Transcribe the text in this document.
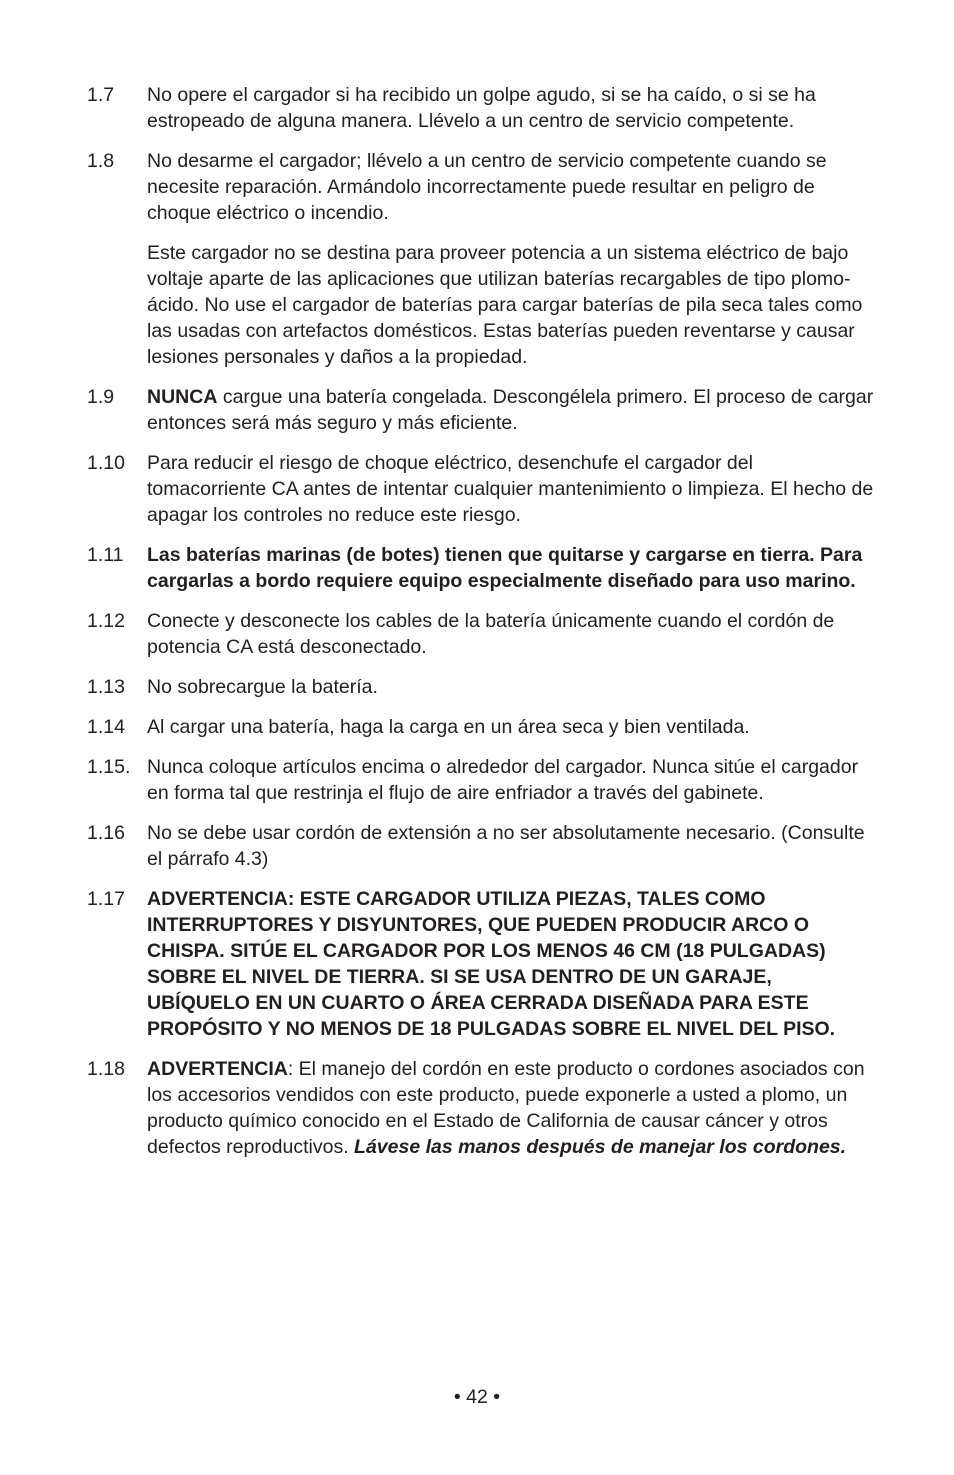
1.7	No opere el cargador si ha recibido un golpe agudo, si se ha caído, o si se ha estropeado de alguna manera. Llévelo a un centro de servicio competente.
1.8	No desarme el cargador; llévelo a un centro de servicio competente cuando se necesite reparación. Armándolo incorrectamente puede resultar en peligro de choque eléctrico o incendio.
Este cargador no se destina para proveer potencia a un sistema eléctrico de bajo voltaje aparte de las aplicaciones que utilizan baterías recargables de tipo plomo-ácido. No use el cargador de baterías para cargar baterías de pila seca tales como las usadas con artefactos domésticos. Estas baterías pueden reventarse y causar lesiones personales y daños a la propiedad.
1.9	NUNCA cargue una batería congelada. Descongélela primero. El proceso de cargar entonces será más seguro y más eficiente.
1.10	Para reducir el riesgo de choque eléctrico, desenchufe el cargador del tomacorriente CA antes de intentar cualquier mantenimiento o limpieza. El hecho de apagar los controles no reduce este riesgo.
1.11	Las baterías marinas (de botes) tienen que quitarse y cargarse en tierra. Para cargarlas a bordo requiere equipo especialmente diseñado para uso marino.
1.12	Conecte y desconecte los cables de la batería únicamente cuando el cordón de potencia CA está desconectado.
1.13	No sobrecargue la batería.
1.14	Al cargar una batería, haga la carga en un área seca y bien ventilada.
1.15. Nunca coloque artículos encima o alrededor del cargador. Nunca sitúe el cargador en forma tal que restrinja el flujo de aire enfriador a través del gabinete.
1.16	No se debe usar cordón de extensión a no ser absolutamente necesario. (Consulte el párrafo 4.3)
1.17	ADVERTENCIA: ESTE CARGADOR UTILIZA PIEZAS, TALES COMO INTERRUPTORES Y DISYUNTORES, QUE PUEDEN PRODUCIR ARCO O CHISPA. SITÚE EL CARGADOR POR LOS MENOS 46 CM (18 PULGADAS) SOBRE EL NIVEL DE TIERRA. SI SE USA DENTRO DE UN GARAJE, UBÍQUELO EN UN CUARTO O ÁREA CERRADA DISEÑADA PARA ESTE PROPÓSITO Y NO MENOS DE 18 PULGADAS SOBRE EL NIVEL DEL PISO.
1.18	ADVERTENCIA: El manejo del cordón en este producto o cordones asociados con los accesorios vendidos con este producto, puede exponerle a usted a plomo, un producto químico conocido en el Estado de California de causar cáncer y otros defectos reproductivos. Lávese las manos después de manejar los cordones.
• 42 •
